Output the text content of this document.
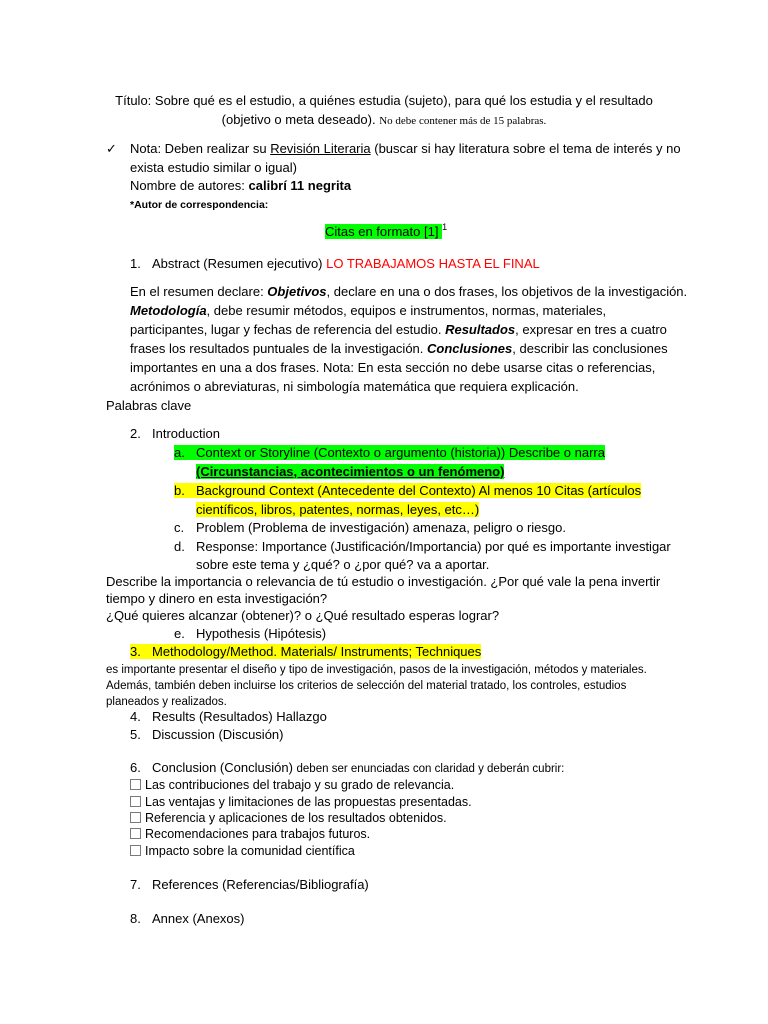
Título: Sobre qué es el estudio, a quiénes estudia (sujeto), para qué los estudia y el resultado
(objetivo o meta deseado). No debe contener más de 15 palabras.
✓ Nota: Deben realizar su Revisión Literaria (buscar si hay literatura sobre el tema de interés y no
exista estudio similar o igual)
Nombre de autores: calibrí 11 negrita
*Autor de correspondencia:
Citas en formato [1] $^1$
1. Abstract (Resumen ejecutivo) LO TRABAJAMOS HASTA EL FINAL
En el resumen declare: Objetivos, declare en una o dos frases, los objetivos de la investigación.
Metodología, debe resumir métodos, equipos e instrumentos, normas, materiales,
participantes, lugar y fechas de referencia del estudio. Resultados, expresar en tres a cuatro
frases los resultados puntuales de la investigación. Conclusiones, describir las conclusiones
importantes en una a dos frases. Nota: En esta sección no debe usarse citas o referencias,
acrónimos o abreviaturas, ni simbología matemática que requiera explicación.
Palabras clave
2. Introduction
a. Context or Storyline (Contexto o argumento (historia)) Describe o narra
(Circunstancias, acontecimientos o un fenómeno)
b. Background Context (Antecedente del Contexto) Al menos 10 Citas (artículos
científicos, libros, patentes, normas, leyes, etc…)
c. Problem (Problema de investigación) amenaza, peligro o riesgo.
d. Response: Importance (Justificación/Importancia) por qué es importante investigar
sobre este tema y ¿qué? o ¿por qué? va a aportar.
Describe la importancia o relevancia de tú estudio o investigación. ¿Por qué vale la pena invertir
tiempo y dinero en esta investigación?
¿Qué quieres alcanzar (obtener)? o ¿Qué resultado esperas lograr?
e. Hypothesis (Hipótesis)
3. Methodology/Method. Materials/ Instruments; Techniques
es importante presentar el diseño y tipo de investigación, pasos de la investigación, métodos y materiales.
Además, también deben incluirse los criterios de selección del material tratado, los controles, estudios
planeados y realizados.
4. Results (Resultados) Hallazgo
5. Discussion (Discusión)
6. Conclusion (Conclusión) deben ser enunciadas con claridad y deberán cubrir:
Las contribuciones del trabajo y su grado de relevancia.
Las ventajas y limitaciones de las propuestas presentadas.
Referencia y aplicaciones de los resultados obtenidos.
Recomendaciones para trabajos futuros.
Impacto sobre la comunidad científica
7. References (Referencias/Bibliografía)
8. Annex (Anexos)
